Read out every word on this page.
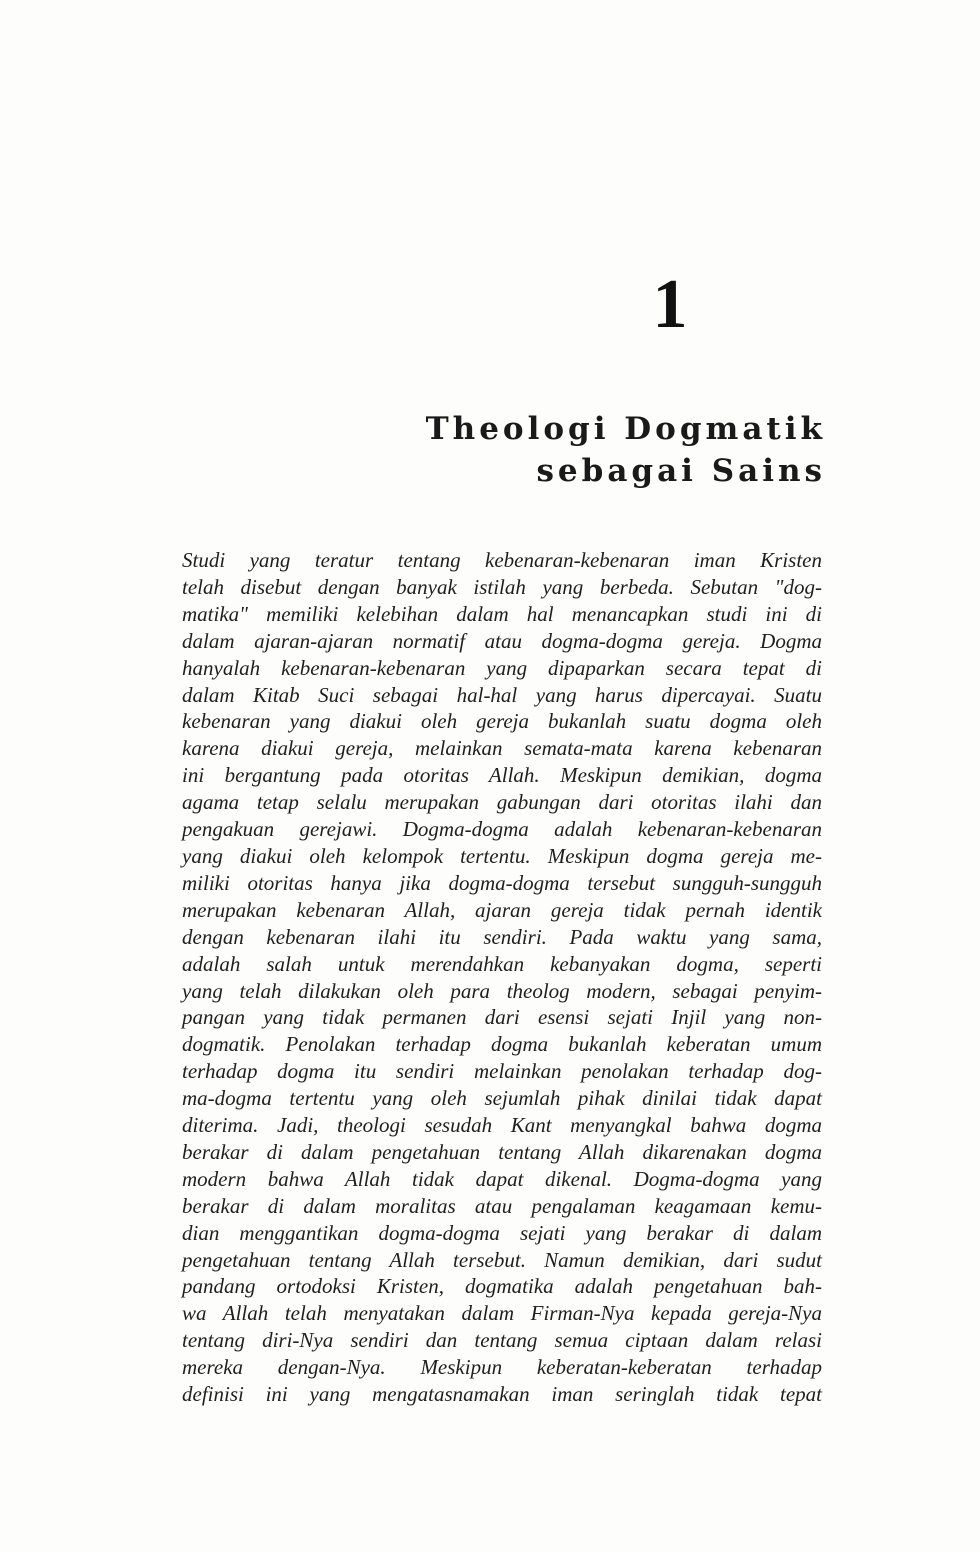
1
Theologi Dogmatik
sebagai Sains

Studi yang teratur tentang kebenaran-kebenaran iman Kristen
telah disebut dengan banyak istilah yang berbeda. Sebutan "dog-
matika" memiliki kelebihan dalam hal menancapkan studi ini di
dalam ajaran-ajaran normatif atau dogma-dogma gereja. Dogma
hanyalah kebenaran-kebenaran yang dipaparkan secara tepat di
dalam Kitab Suci sebagai hal-hal yang harus dipercayai. Suatu
kebenaran yang diakui oleh gereja bukanlah suatu dogma oleh
karena diakui gereja, melainkan semata-mata karena kebenaran
ini bergantung pada otoritas Allah. Meskipun demikian, dogma
agama tetap selalu merupakan gabungan dari otoritas ilahi dan
pengakuan gerejawi. Dogma-dogma adalah kebenaran-kebenaran
yang diakui oleh kelompok tertentu. Meskipun dogma gereja me-
miliki otoritas hanya jika dogma-dogma tersebut sungguh-sungguh
merupakan kebenaran Allah, ajaran gereja tidak pernah identik
dengan kebenaran ilahi itu sendiri. Pada waktu yang sama,
adalah salah untuk merendahkan kebanyakan dogma, seperti
yang telah dilakukan oleh para theolog modern, sebagai penyim-
pangan yang tidak permanen dari esensi sejati Injil yang non-
dogmatik. Penolakan terhadap dogma bukanlah keberatan umum
terhadap dogma itu sendiri melainkan penolakan terhadap dog-
ma-dogma tertentu yang oleh sejumlah pihak dinilai tidak dapat
diterima. Jadi, theologi sesudah Kant menyangkal bahwa dogma
berakar di dalam pengetahuan tentang Allah dikarenakan dogma
modern bahwa Allah tidak dapat dikenal. Dogma-dogma yang
berakar di dalam moralitas atau pengalaman keagamaan kemu-
dian menggantikan dogma-dogma sejati yang berakar di dalam
pengetahuan tentang Allah tersebut. Namun demikian, dari sudut
pandang ortodoksi Kristen, dogmatika adalah pengetahuan bah-
wa Allah telah menyatakan dalam Firman-Nya kepada gereja-Nya
tentang diri-Nya sendiri dan tentang semua ciptaan dalam relasi
mereka dengan-Nya. Meskipun keberatan-keberatan terhadap
definisi ini yang mengatasnamakan iman seringlah tidak tepat
